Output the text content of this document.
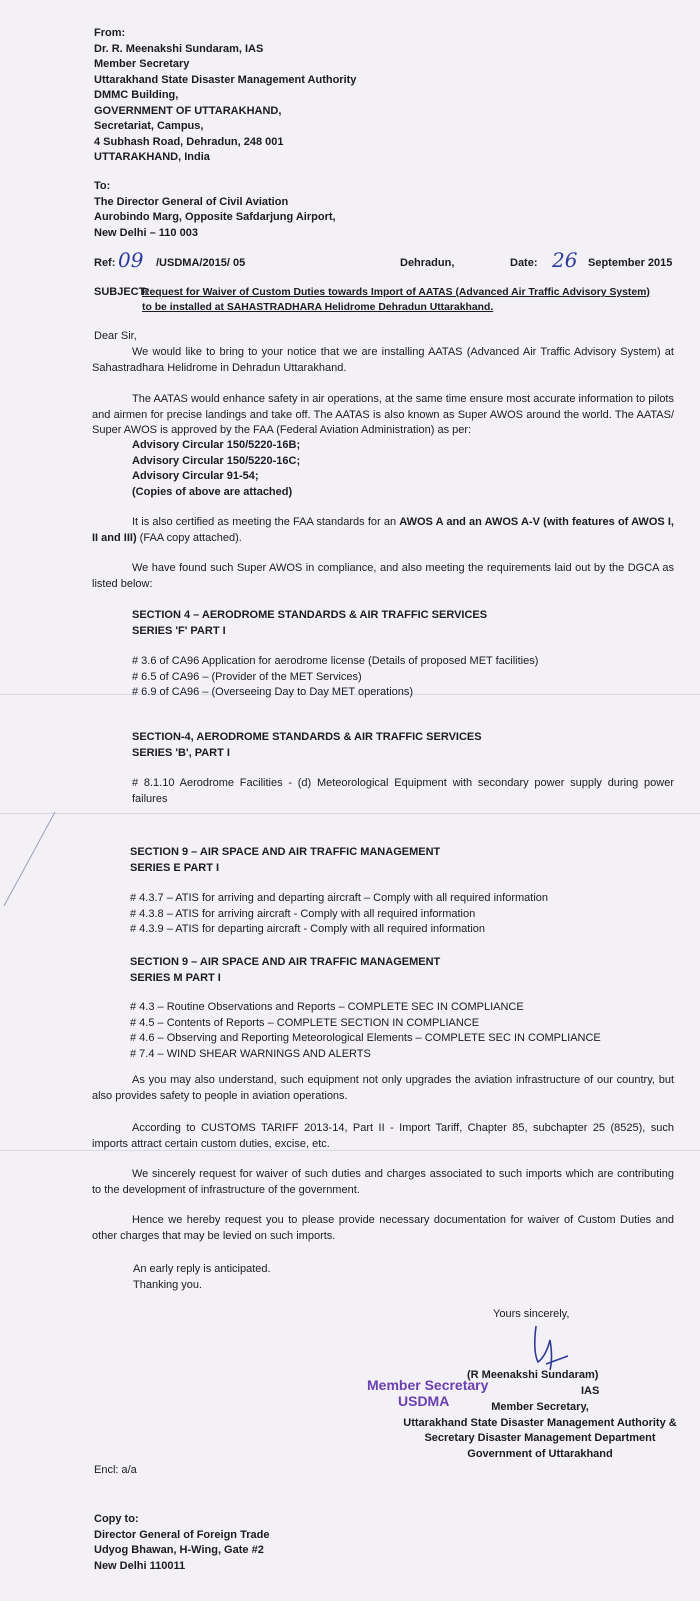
From:
Dr. R. Meenakshi Sundaram, IAS
Member Secretary
Uttarakhand State Disaster Management Authority
DMMC Building,
GOVERNMENT OF UTTARAKHAND,
Secretariat, Campus,
4 Subhash Road, Dehradun, 248 001
UTTARAKHAND, India
To:
The Director General of Civil Aviation
Aurobindo Marg, Opposite Safdarjung Airport,
New Delhi – 110 003
Ref: 09 /USDMA/2015/ 05	Dehradun,	Date: 26 September 2015
SUBJECT:
Request for Waiver of Custom Duties towards Import of AATAS (Advanced Air Traffic Advisory System)
to be installed at SAHASTRADHARA Helidrome Dehradun Uttarakhand.
Dear Sir,
We would like to bring to your notice that we are installing AATAS (Advanced Air Traffic Advisory System) at Sahastradhara Helidrome in Dehradun Uttarakhand.
The AATAS would enhance safety in air operations, at the same time ensure most accurate information to pilots and airmen for precise landings and take off. The AATAS is also known as Super AWOS around the world. The AATAS/ Super AWOS is approved by the FAA (Federal Aviation Administration) as per:
Advisory Circular 150/5220-16B;
Advisory Circular 150/5220-16C;
Advisory Circular 91-54;
(Copies of above are attached)
It is also certified as meeting the FAA standards for an AWOS A and an AWOS A-V (with features of AWOS I, II and III) (FAA copy attached).
We have found such Super AWOS in compliance, and also meeting the requirements laid out by the DGCA as listed below:
SECTION 4 – AERODROME STANDARDS & AIR TRAFFIC SERVICES
SERIES 'F' PART I
# 3.6 of CA96 Application for aerodrome license (Details of proposed MET facilities)
# 6.5 of CA96 – (Provider of the MET Services)
# 6.9 of CA96 – (Overseeing Day to Day MET operations)
SECTION-4, AERODROME STANDARDS & AIR TRAFFIC SERVICES
SERIES 'B', PART I
# 8.1.10 Aerodrome Facilities - (d) Meteorological Equipment with secondary power supply during power failures
SECTION 9 – AIR SPACE AND AIR TRAFFIC MANAGEMENT
SERIES E PART I
# 4.3.7 – ATIS for arriving and departing aircraft – Comply with all required information
# 4.3.8 – ATIS for arriving aircraft - Comply with all required information
# 4.3.9 – ATIS for departing aircraft - Comply with all required information
SECTION 9 – AIR SPACE AND AIR TRAFFIC MANAGEMENT
SERIES M PART I
# 4.3 – Routine Observations and Reports – COMPLETE SEC IN COMPLIANCE
# 4.5 – Contents of Reports – COMPLETE SECTION IN COMPLIANCE
# 4.6 – Observing and Reporting Meteorological Elements – COMPLETE SEC IN COMPLIANCE
# 7.4 – WIND SHEAR WARNINGS AND ALERTS
As you may also understand, such equipment not only upgrades the aviation infrastructure of our country, but also provides safety to people in aviation operations.
According to CUSTOMS TARIFF 2013-14, Part II - Import Tariff, Chapter 85, subchapter 25 (8525), such imports attract certain custom duties, excise, etc.
We sincerely request for waiver of such duties and charges associated to such imports which are contributing to the development of infrastructure of the government.
Hence we hereby request you to please provide necessary documentation for waiver of Custom Duties and other charges that may be levied on such imports.
An early reply is anticipated.
Thanking you.
Yours sincerely,
(R Meenakshi Sundaram)
IAS
Member Secretary
USDMA	Member Secretary,
Uttarakhand State Disaster Management Authority &
Secretary Disaster Management Department
Government of Uttarakhand
Encl: a/a
Copy to:
Director General of Foreign Trade
Udyog Bhawan, H-Wing, Gate #2
New Delhi 110011
